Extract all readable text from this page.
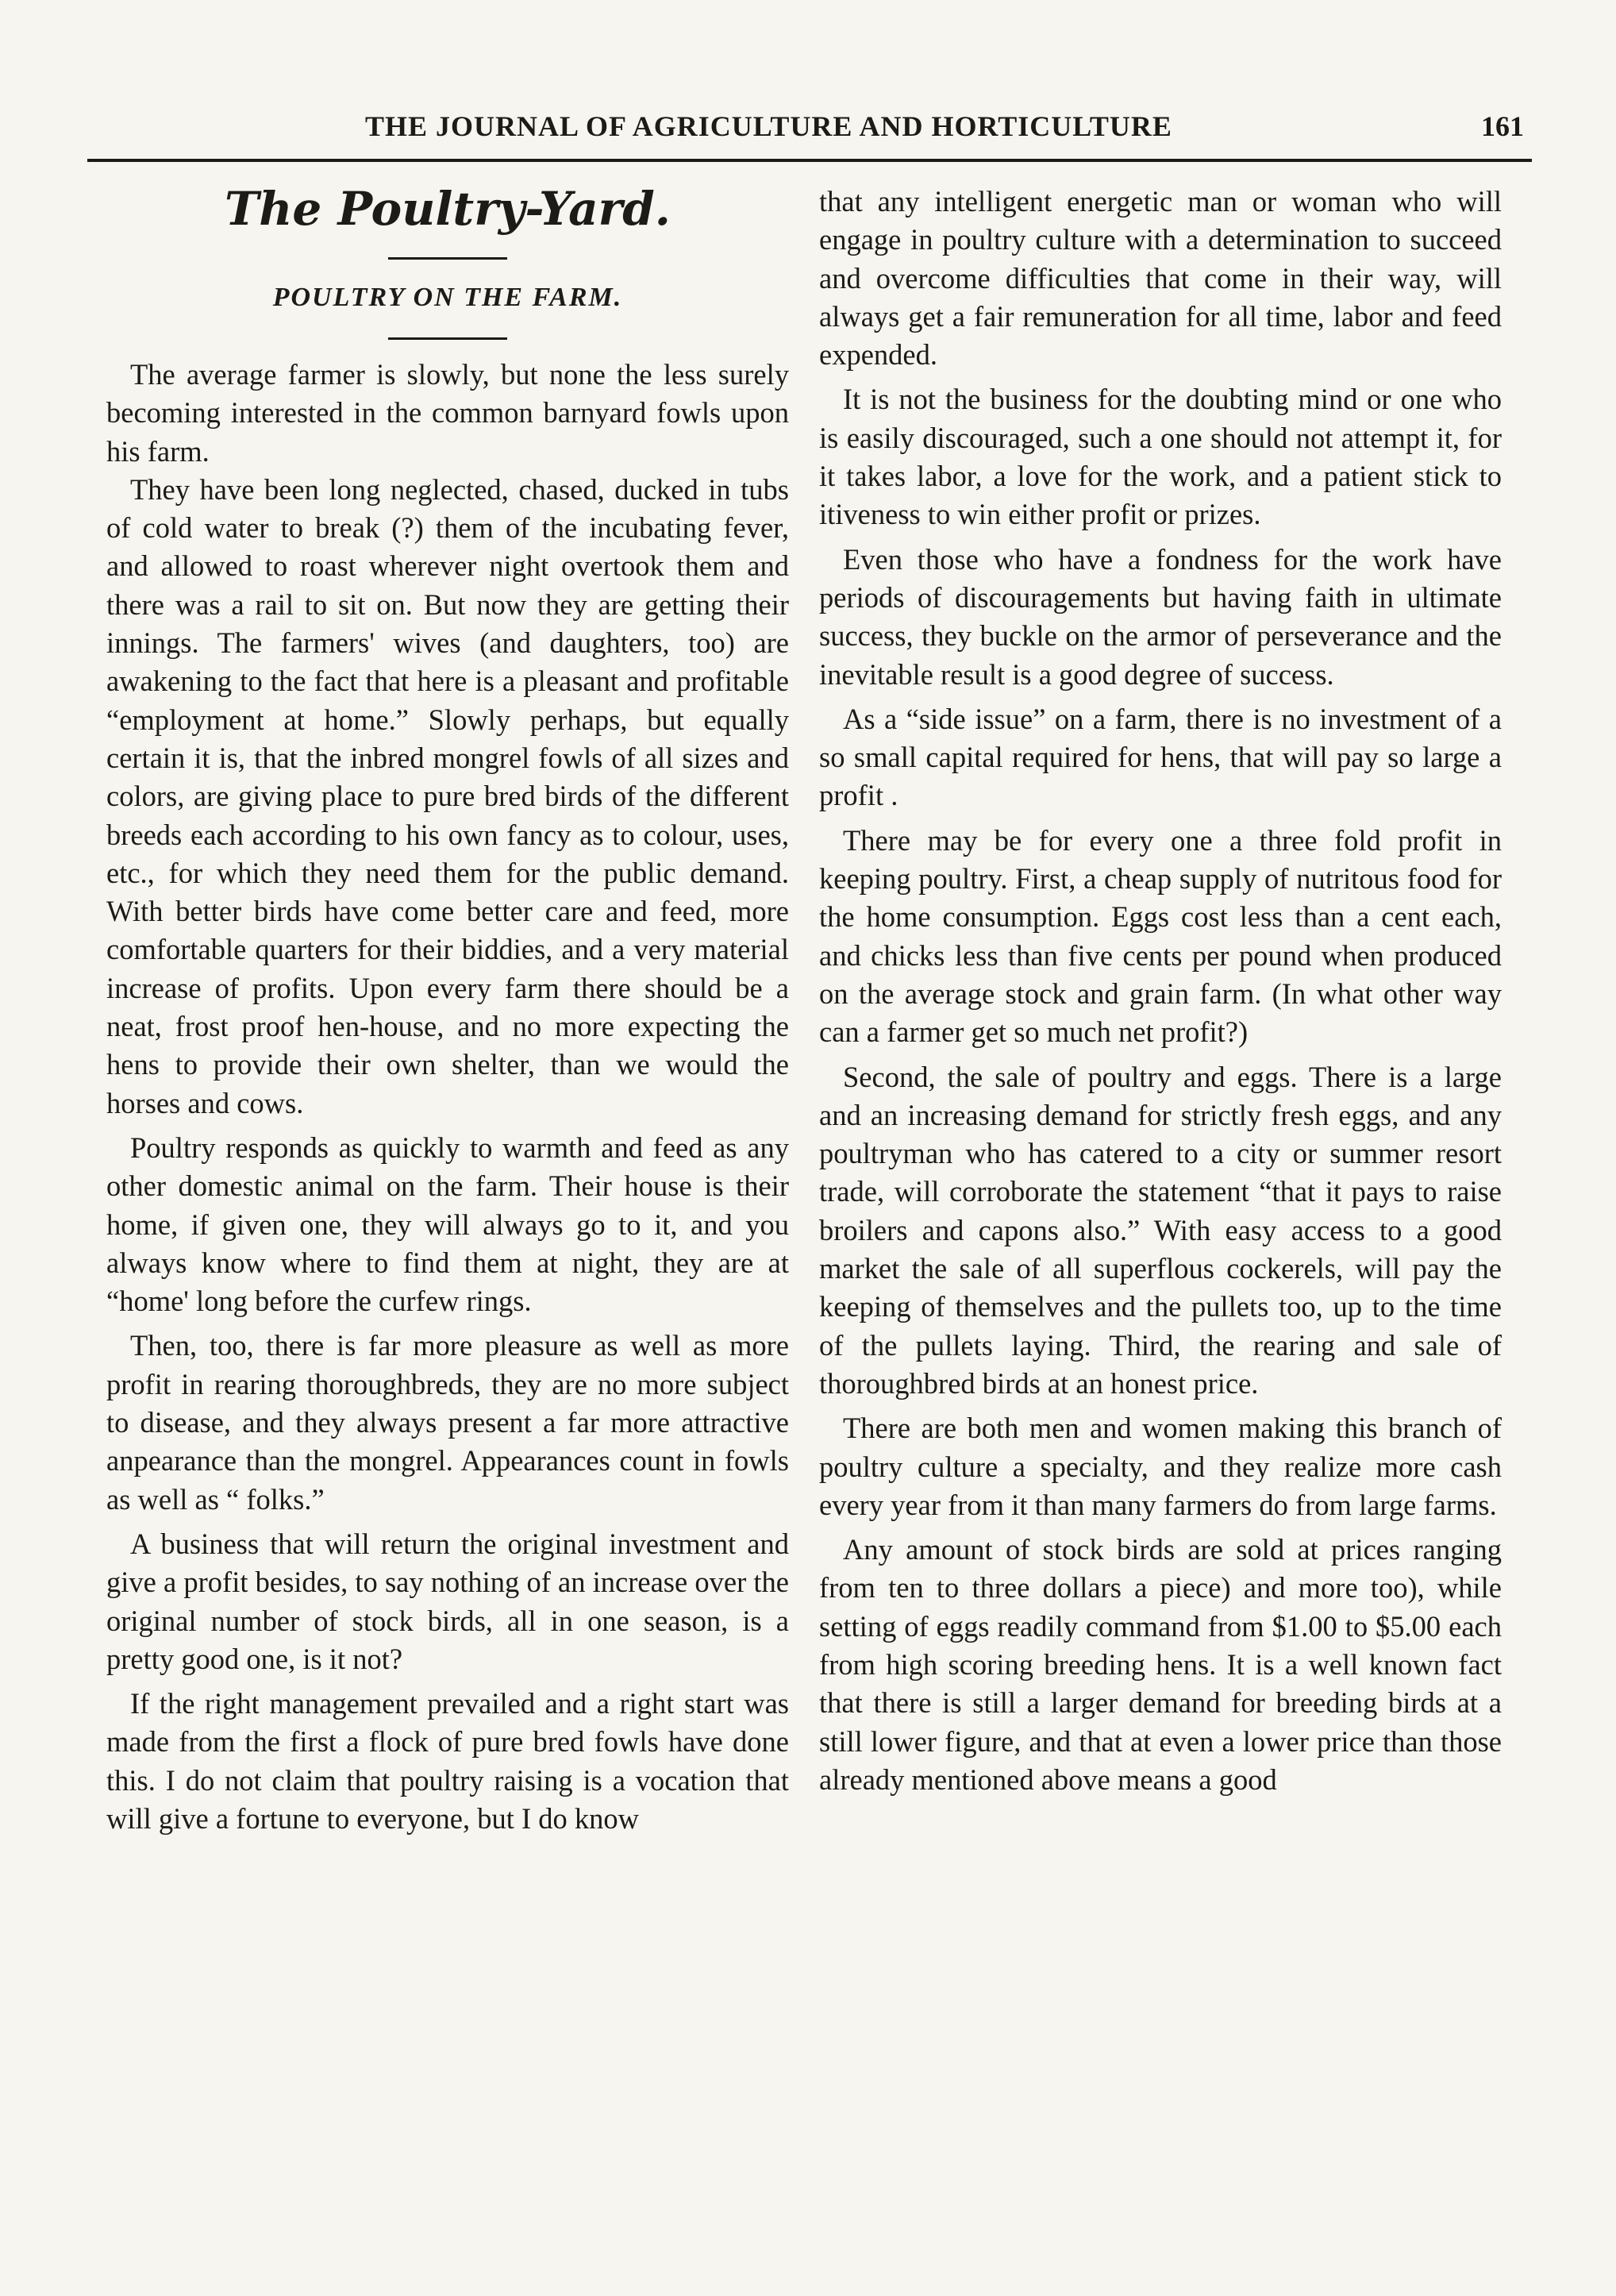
THE JOURNAL OF AGRICULTURE AND HORTICULTURE	161
The Poultry-Yard.
POULTRY ON THE FARM.

The average farmer is slowly, but none the less surely becoming interested in the common barnyard fowls upon his farm.

They have been long neglected, chased, ducked in tubs of cold water to break (?) them of the incubating fever, and allowed to roast wherever night overtook them and there was a rail to sit on. But now they are getting their innings. The farmers' wives (and daughters, too) are awakening to the fact that here is a pleasant and profitable “employment at home.” Slowly perhaps, but equally certain it is, that the inbred mongrel fowls of all sizes and colors, are giving place to pure bred birds of the different breeds each according to his own fancy as to colour, uses, etc., for which they need them for the public demand. With better birds have come better care and feed, more comfortable quarters for their biddies, and a very material increase of profits. Upon every farm there should be a neat, frost proof hen-house, and no more expecting the hens to provide their own shelter, than we would the horses and cows.

Poultry responds as quickly to warmth and feed as any other domestic animal on the farm. Their house is their home, if given one, they will always go to it, and you always know where to find them at night, they are at “home' long before the curfew rings.

Then, too, there is far more pleasure as well as more profit in rearing thoroughbreds, they are no more subject to disease, and they always present a far more attractive anpearance than the mongrel. Appearances count in fowls as well as “ folks.”

A business that will return the original investment and give a profit besides, to say nothing of an increase over the original number of stock birds, all in one season, is a pretty good one, is it not?

If the right management prevailed and a right start was made from the first a flock of pure bred fowls have done this. I do not claim that poultry raising is a vocation that will give a fortune to everyone, but I do know

that any intelligent energetic man or woman who will engage in poultry culture with a determination to succeed and overcome difficulties that come in their way, will always get a fair remuneration for all time, labor and feed expended.

It is not the business for the doubting mind or one who is easily discouraged, such a one should not attempt it, for it takes labor, a love for the work, and a patient stick to itiveness to win either profit or prizes.

Even those who have a fondness for the work have periods of discouragements but having faith in ultimate success, they buckle on the armor of perseverance and the inevitable result is a good degree of success.

As a “side issue” on a farm, there is no investment of a so small capital required for hens, that will pay so large a profit .

There may be for every one a three fold profit in keeping poultry. First, a cheap supply of nutritous food for the home consumption. Eggs cost less than a cent each, and chicks less than five cents per pound when produced on the average stock and grain farm. (In what other way can a farmer get so much net profit?)

Second, the sale of poultry and eggs. There is a large and an increasing demand for strictly fresh eggs, and any poultryman who has catered to a city or summer resort trade, will corroborate the statement “that it pays to raise broilers and capons also.” With easy access to a good market the sale of all superflous cockerels, will pay the keeping of themselves and the pullets too, up to the time of the pullets laying. Third, the rearing and sale of thoroughbred birds at an honest price.

There are both men and women making this branch of poultry culture a specialty, and they realize more cash every year from it than many farmers do from large farms.

Any amount of stock birds are sold at prices ranging from ten to three dollars a piece) and more too), while setting of eggs readily command from $1.00 to $5.00 each from high scoring breeding hens. It is a well known fact that there is still a larger demand for breeding birds at a still lower figure, and that at even a lower price than those already mentioned above means a good
